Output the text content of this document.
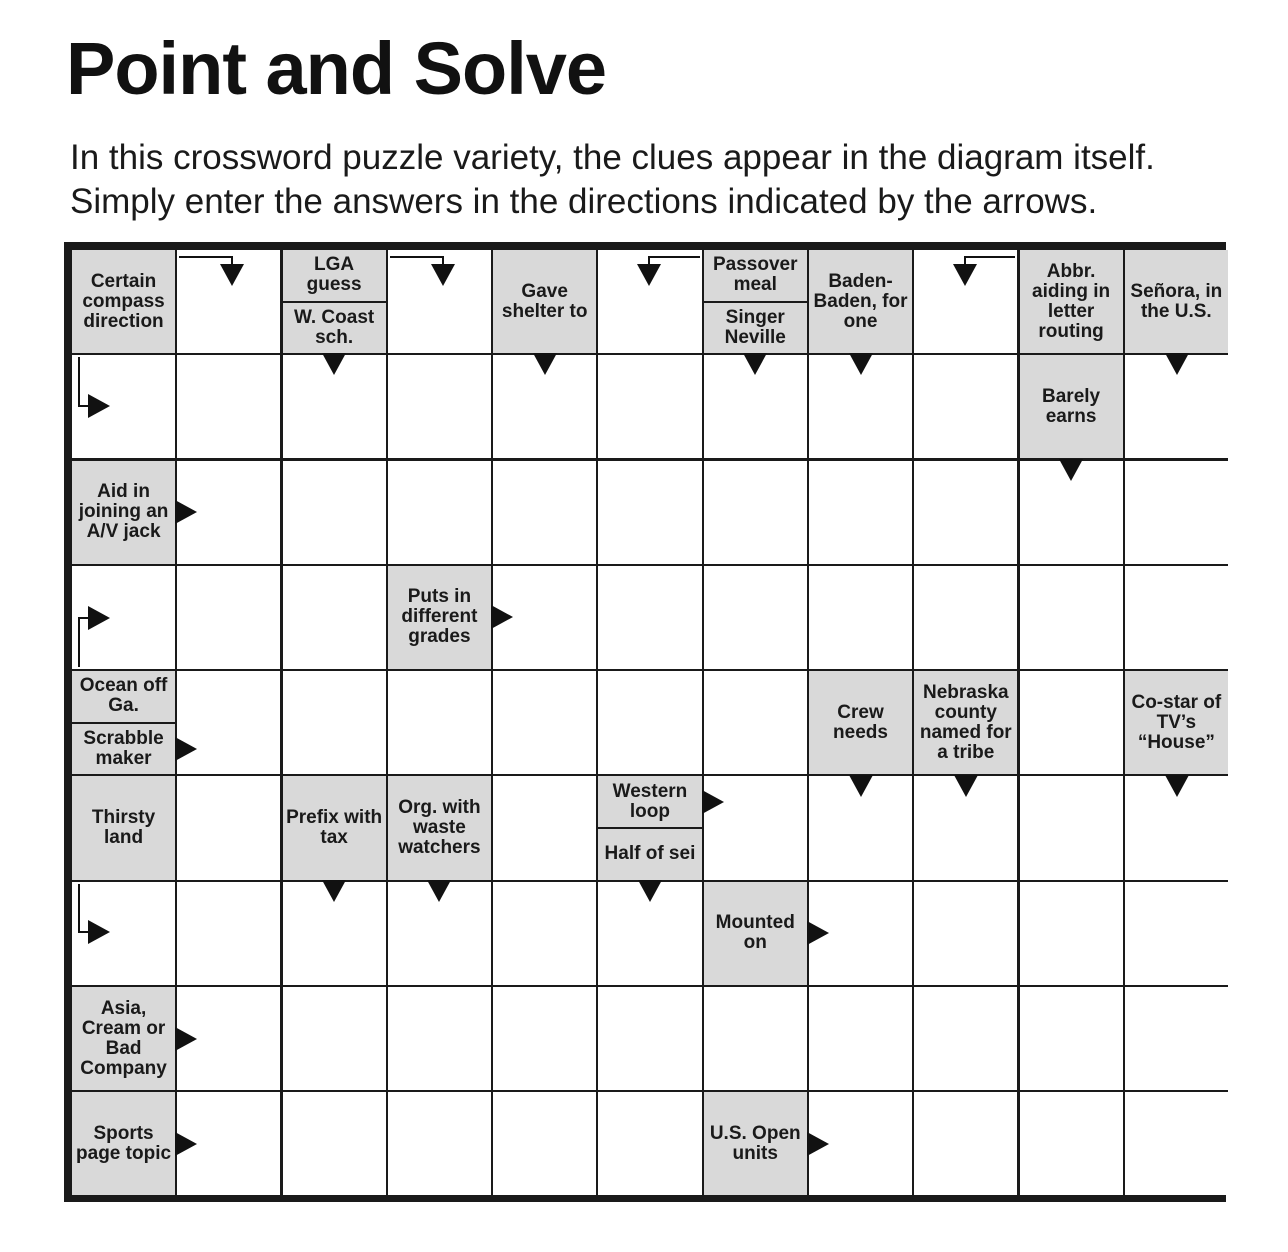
Point and Solve

In this crossword puzzle variety, the clues appear in the diagram itself.
Simply enter the answers in the directions indicated by the arrows.

Certain compass direction
LGA guess
W. Coast sch.
Gave shelter to
Passover meal
Singer Neville
Baden-Baden, for one
Abbr. aiding in letter routing
Señora, in the U.S.
Barely earns
Aid in joining an A/V jack
Puts in different grades
Ocean off Ga.
Scrabble maker
Crew needs
Nebraska county named for a tribe
Co-star of TV’s “House”
Thirsty land
Prefix with tax
Org. with waste watchers
Western loop
Half of sei
Mounted on
Asia, Cream or Bad Company
Sports page topic
U.S. Open units
